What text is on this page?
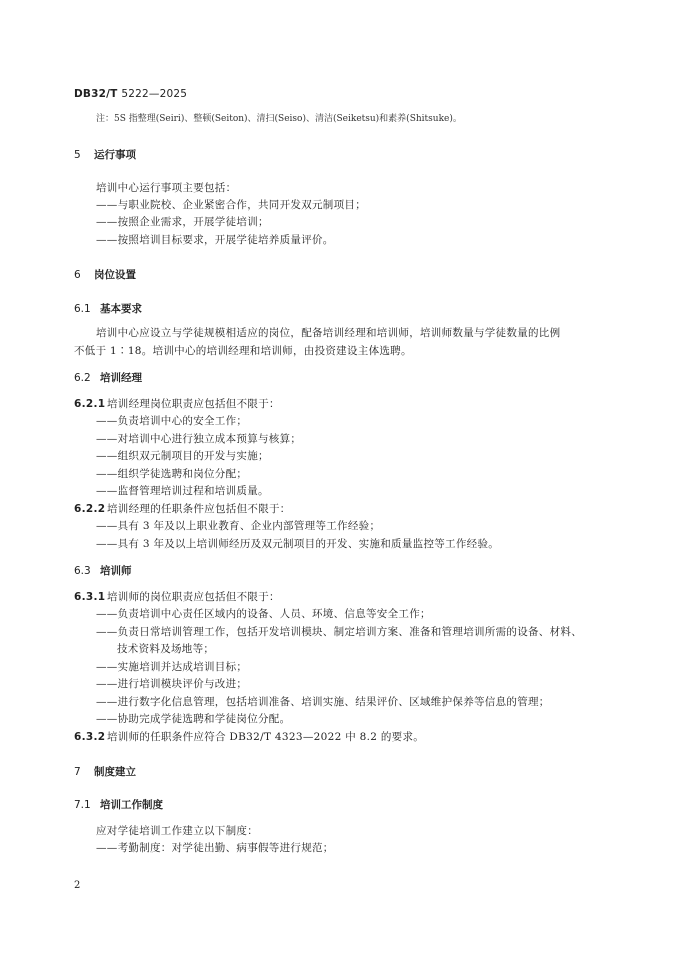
DB32/T 5222—2025
注：5S 指整理(Seiri)、整顿(Seiton)、清扫(Seiso)、清洁(Seiketsu)和素养(Shitsuke)。
5 运行事项
培训中心运行事项主要包括：
——与职业院校、企业紧密合作，共同开发双元制项目；
——按照企业需求，开展学徒培训；
——按照培训目标要求，开展学徒培养质量评价。
6 岗位设置
6.1 基本要求
培训中心应设立与学徒规模相适应的岗位，配备培训经理和培训师，培训师数量与学徒数量的比例
不低于 1∶18。培训中心的培训经理和培训师，由投资建设主体选聘。
6.2 培训经理
6.2.1 培训经理岗位职责应包括但不限于：
——负责培训中心的安全工作；
——对培训中心进行独立成本预算与核算；
——组织双元制项目的开发与实施；
——组织学徒选聘和岗位分配；
——监督管理培训过程和培训质量。
6.2.2 培训经理的任职条件应包括但不限于：
——具有 3 年及以上职业教育、企业内部管理等工作经验；
——具有 3 年及以上培训师经历及双元制项目的开发、实施和质量监控等工作经验。
6.3 培训师
6.3.1 培训师的岗位职责应包括但不限于：
——负责培训中心责任区域内的设备、人员、环境、信息等安全工作；
——负责日常培训管理工作，包括开发培训模块、制定培训方案、准备和管理培训所需的设备、材料、
技术资料及场地等；
——实施培训并达成培训目标；
——进行培训模块评价与改进；
——进行数字化信息管理，包括培训准备、培训实施、结果评价、区域维护保养等信息的管理；
——协助完成学徒选聘和学徒岗位分配。
6.3.2 培训师的任职条件应符合 DB32/T 4323—2022 中 8.2 的要求。
7 制度建立
7.1 培训工作制度
应对学徒培训工作建立以下制度：
——考勤制度：对学徒出勤、病事假等进行规范；
2
